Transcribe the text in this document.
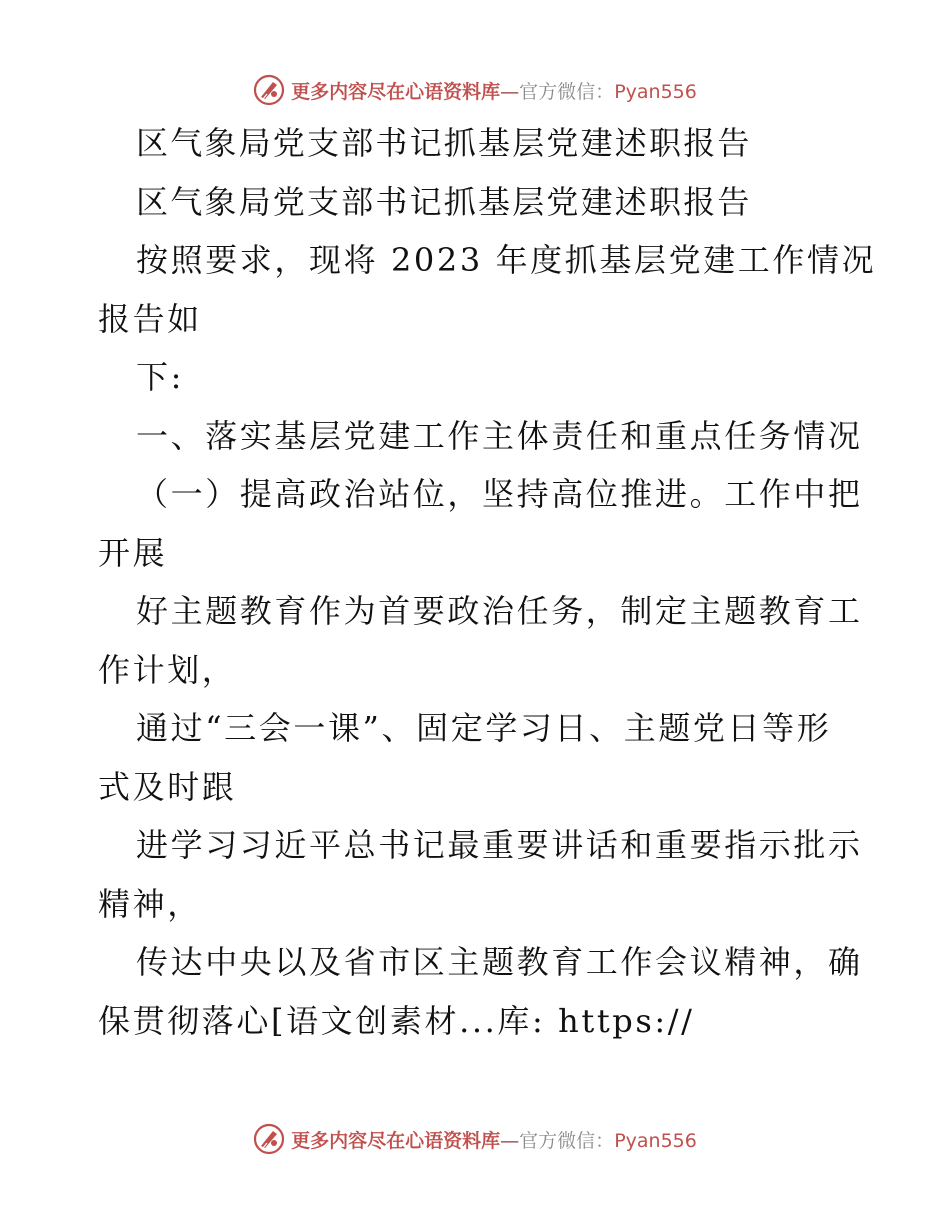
更多内容尽在心语资料库—官方微信：Pyan556
区气象局党支部书记抓基层党建述职报告
区气象局党支部书记抓基层党建述职报告
按照要求，现将 2023 年度抓基层党建工作情况
报告如
下:
一、落实基层党建工作主体责任和重点任务情况
（一）提高政治站位，坚持高位推进。工作中把
开展
好主题教育作为首要政治任务，制定主题教育工
作计划，
通过“三会一课”、固定学习日、主题党日等形
式及时跟
进学习习近平总书记最重要讲话和重要指示批示
精神，
传达中央以及省市区主题教育工作会议精神，确
保贯彻落心[语文创素材...库: https://
更多内容尽在心语资料库—官方微信：Pyan556
